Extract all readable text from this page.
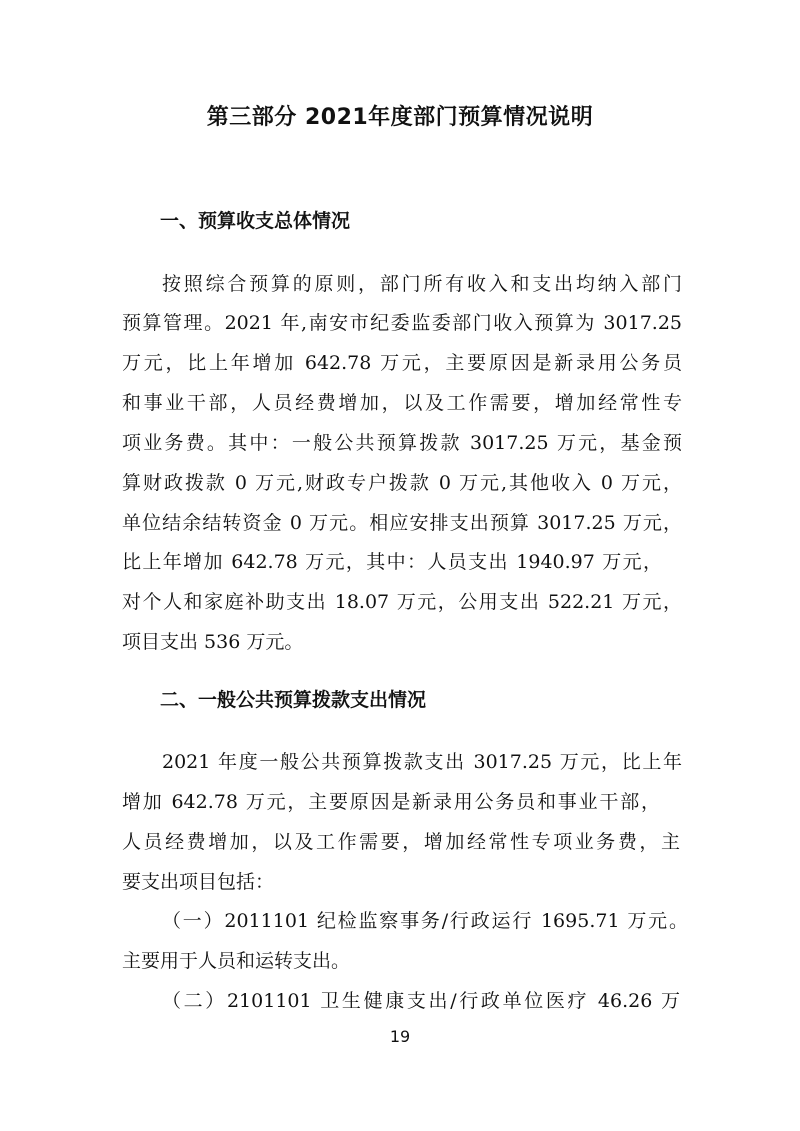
第三部分 2021年度部门预算情况说明
一、预算收支总体情况

按照综合预算的原则，部门所有收入和支出均纳入部门

预算管理。2021 年,南安市纪委监委部门收入预算为 3017.25

万元，比上年增加 642.78 万元，主要原因是新录用公务员

和事业干部，人员经费增加，以及工作需要，增加经常性专

项业务费。其中：一般公共预算拨款 3017.25 万元，基金预

算财政拨款 0 万元,财政专户拨款 0 万元,其他收入 0 万元，

单位结余结转资金 0 万元。相应安排支出预算 3017.25 万元，

比上年增加 642.78 万元，其中：人员支出 1940.97 万元，

对个人和家庭补助支出 18.07 万元，公用支出 522.21 万元，

项目支出 536 万元。

二、一般公共预算拨款支出情况

2021 年度一般公共预算拨款支出 3017.25 万元，比上年

增加 642.78 万元，主要原因是新录用公务员和事业干部，

人员经费增加，以及工作需要，增加经常性专项业务费，主

要支出项目包括：

（一）2011101 纪检监察事务/行政运行 1695.71 万元。

主要用于人员和运转支出。

（二）2101101 卫生健康支出/行政单位医疗 46.26 万

19
